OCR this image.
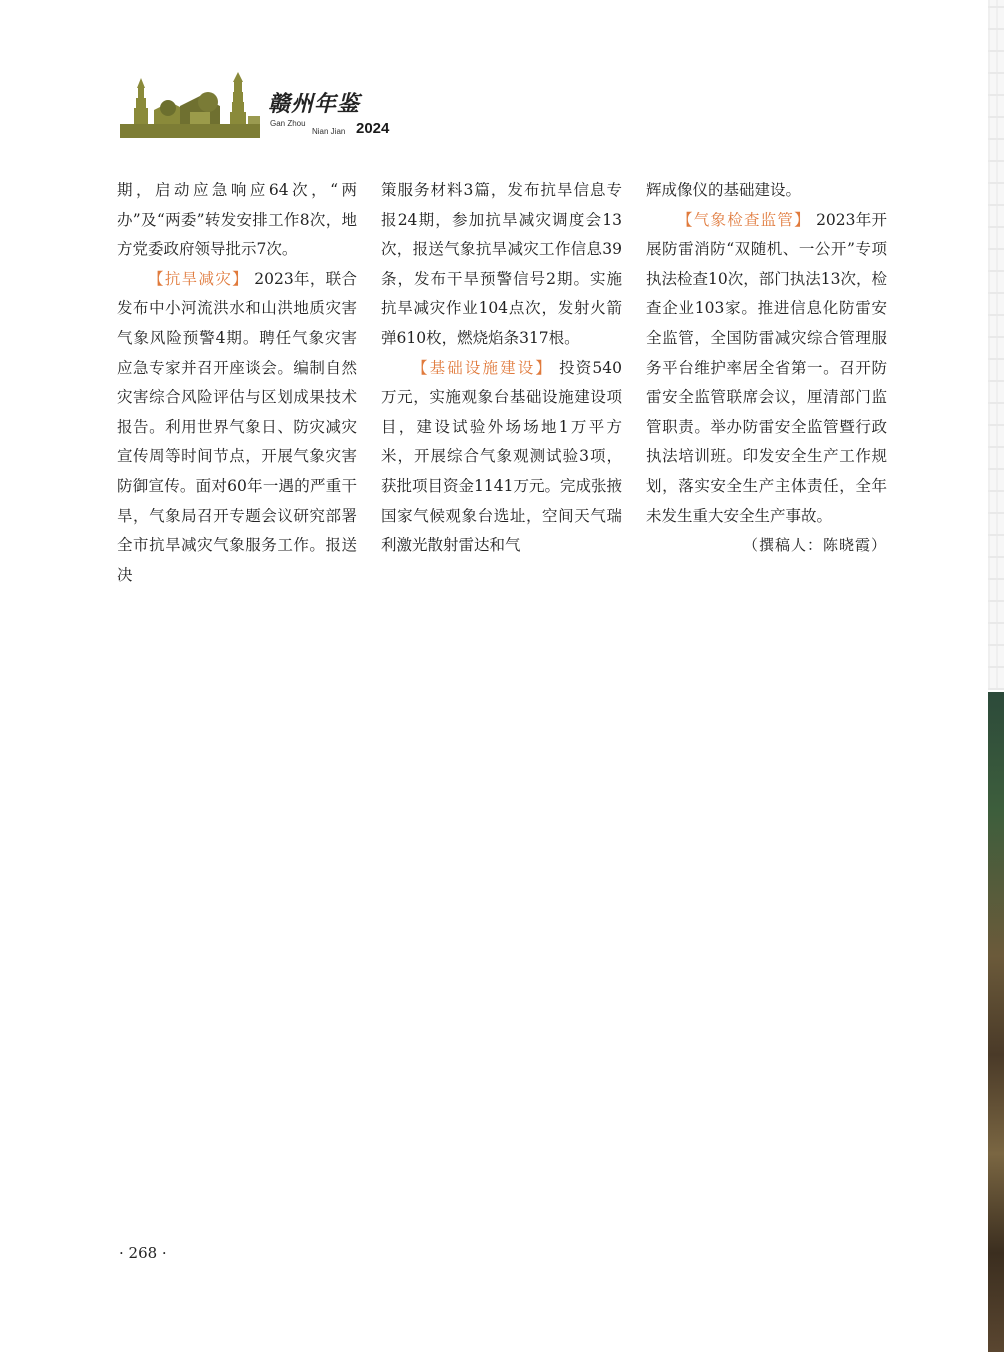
赣州年鉴
Gan Zhou
Nian Jian 2024

期，启动应急响应64次，“两办”及“两委”转发安排工作8次，地方党委政府领导批示7次。

【抗旱减灾】 2023年，联合发布中小河流洪水和山洪地质灾害气象风险预警4期。聘任气象灾害应急专家并召开座谈会。编制自然灾害综合风险评估与区划成果技术报告。利用世界气象日、防灾减灾宣传周等时间节点，开展气象灾害防御宣传。面对60年一遇的严重干旱，气象局召开专题会议研究部署全市抗旱减灾气象服务工作。报送决

策服务材料3篇，发布抗旱信息专报24期，参加抗旱减灾调度会13次，报送气象抗旱减灾工作信息39条，发布干旱预警信号2期。实施抗旱减灾作业104点次，发射火箭弹610枚，燃烧焰条317根。

【基础设施建设】 投资540万元，实施观象台基础设施建设项目，建设试验外场场地1万平方米，开展综合气象观测试验3项，获批项目资金1141万元。完成张掖国家气候观象台选址，空间天气瑞利激光散射雷达和气

辉成像仪的基础建设。

【气象检查监管】 2023年开展防雷消防“双随机、一公开”专项执法检查10次，部门执法13次，检查企业103家。推进信息化防雷安全监管，全国防雷减灾综合管理服务平台维护率居全省第一。召开防雷安全监管联席会议，厘清部门监管职责。举办防雷安全监管暨行政执法培训班。印发安全生产工作规划，落实安全生产主体责任，全年未发生重大安全生产事故。

（撰稿人：陈晓霞）

· 268 ·
